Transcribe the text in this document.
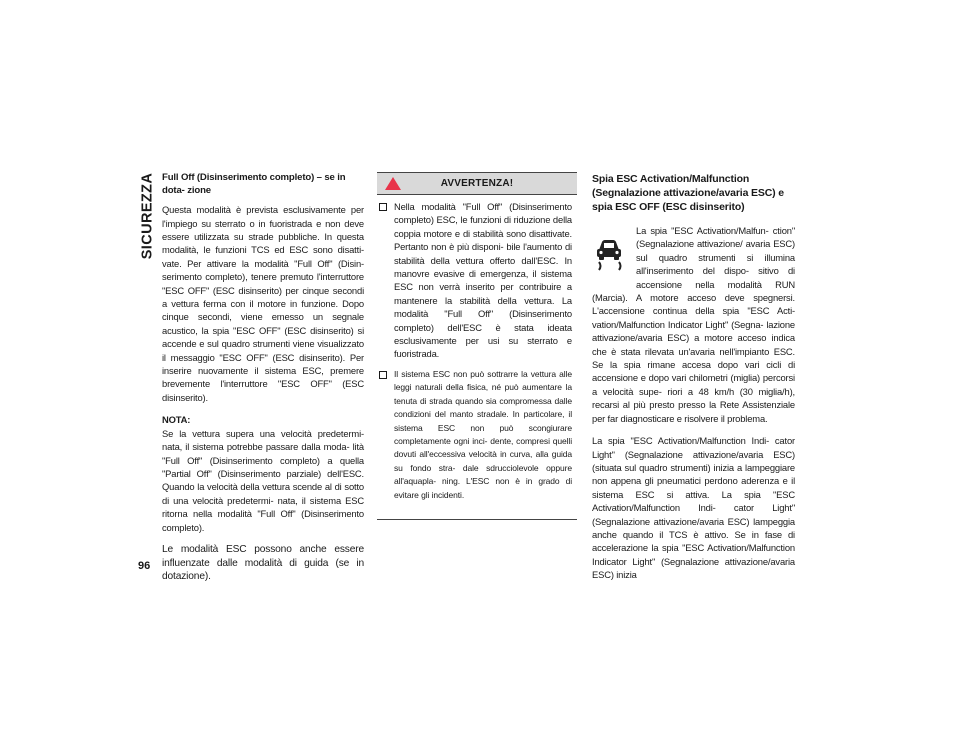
SICUREZZA
96
Full Off (Disinserimento completo) – se in dota- zione

Questa modalità è prevista esclusivamente per l'impiego su sterrato o in fuoristrada e non deve essere utilizzata su strade pubbliche. In questa modalità, le funzioni TCS ed ESC sono disatti- vate. Per attivare la modalità "Full Off" (Disin- serimento completo), tenere premuto l'interruttore "ESC OFF" (ESC disinserito) per cinque secondi a vettura ferma con il motore in funzione. Dopo cinque secondi, viene emesso un segnale acustico, la spia "ESC OFF" (ESC disinserito) si accende e sul quadro strumenti viene visualizzato il messaggio "ESC OFF" (ESC disinserito). Per inserire nuovamente il sistema ESC, premere brevemente l'interruttore "ESC OFF" (ESC disinserito).

NOTA:
Se la vettura supera una velocità predetermi- nata, il sistema potrebbe passare dalla moda- lità "Full Off" (Disinserimento completo) a quella "Partial Off" (Disinserimento parziale) dell'ESC. Quando la velocità della vettura scende al di sotto di una velocità predetermi- nata, il sistema ESC ritorna nella modalità "Full Off" (Disinserimento completo).

Le modalità ESC possono anche essere influenzate dalle modalità di guida (se in dotazione).

AVVERTENZA!
Nella modalità "Full Off" (Disinserimento completo) ESC, le funzioni di riduzione della coppia motore e di stabilità sono disattivate. Pertanto non è più disponi- bile l'aumento di stabilità della vettura offerto dall'ESC. In manovre evasive di emergenza, il sistema ESC non verrà inserito per contribuire a mantenere la stabilità della vettura. La modalità "Full Off" (Disinserimento completo) dell'ESC è stata ideata esclusivamente per usi su sterrato e fuoristrada.
Il sistema ESC non può sottrarre la vettura alle leggi naturali della fisica, né può aumentare la tenuta di strada quando sia compromessa dalle condizioni del manto stradale. In particolare, il sistema ESC non può scongiurare completamente ogni inci- dente, compresi quelli dovuti all'eccessiva velocità in curva, alla guida su fondo stra- dale sdrucciolevole oppure all'aquapla- ning. L'ESC non è in grado di evitare gli incidenti.
Spia ESC Activation/Malfunction (Segnalazione attivazione/avaria ESC) e spia ESC OFF (ESC disinserito)

La spia "ESC Activation/Malfun- ction" (Segnalazione attivazione/ avaria ESC) sul quadro strumenti si illumina all'inserimento del dispo- sitivo di accensione nella modalità RUN (Marcia). A motore acceso deve spegnersi. L'accensione continua della spia "ESC Acti- vation/Malfunction Indicator Light" (Segna- lazione attivazione/avaria ESC) a motore acceso indica che è stata rilevata un'avaria nell'impianto ESC. Se la spia rimane accesa dopo vari cicli di accensione e dopo vari chilometri (miglia) percorsi a velocità supe- riori a 48 km/h (30 miglia/h), recarsi al più presto presso la Rete Assistenziale per far diagnosticare e risolvere il problema.

La spia "ESC Activation/Malfunction Indi- cator Light" (Segnalazione attivazione/avaria ESC) (situata sul quadro strumenti) inizia a lampeggiare non appena gli pneumatici perdono aderenza e il sistema ESC si attiva. La spia "ESC Activation/Malfunction Indi- cator Light" (Segnalazione attivazione/avaria ESC) lampeggia anche quando il TCS è attivo. Se in fase di accelerazione la spia "ESC Activation/Malfunction Indicator Light" (Segnalazione attivazione/avaria ESC) inizia
